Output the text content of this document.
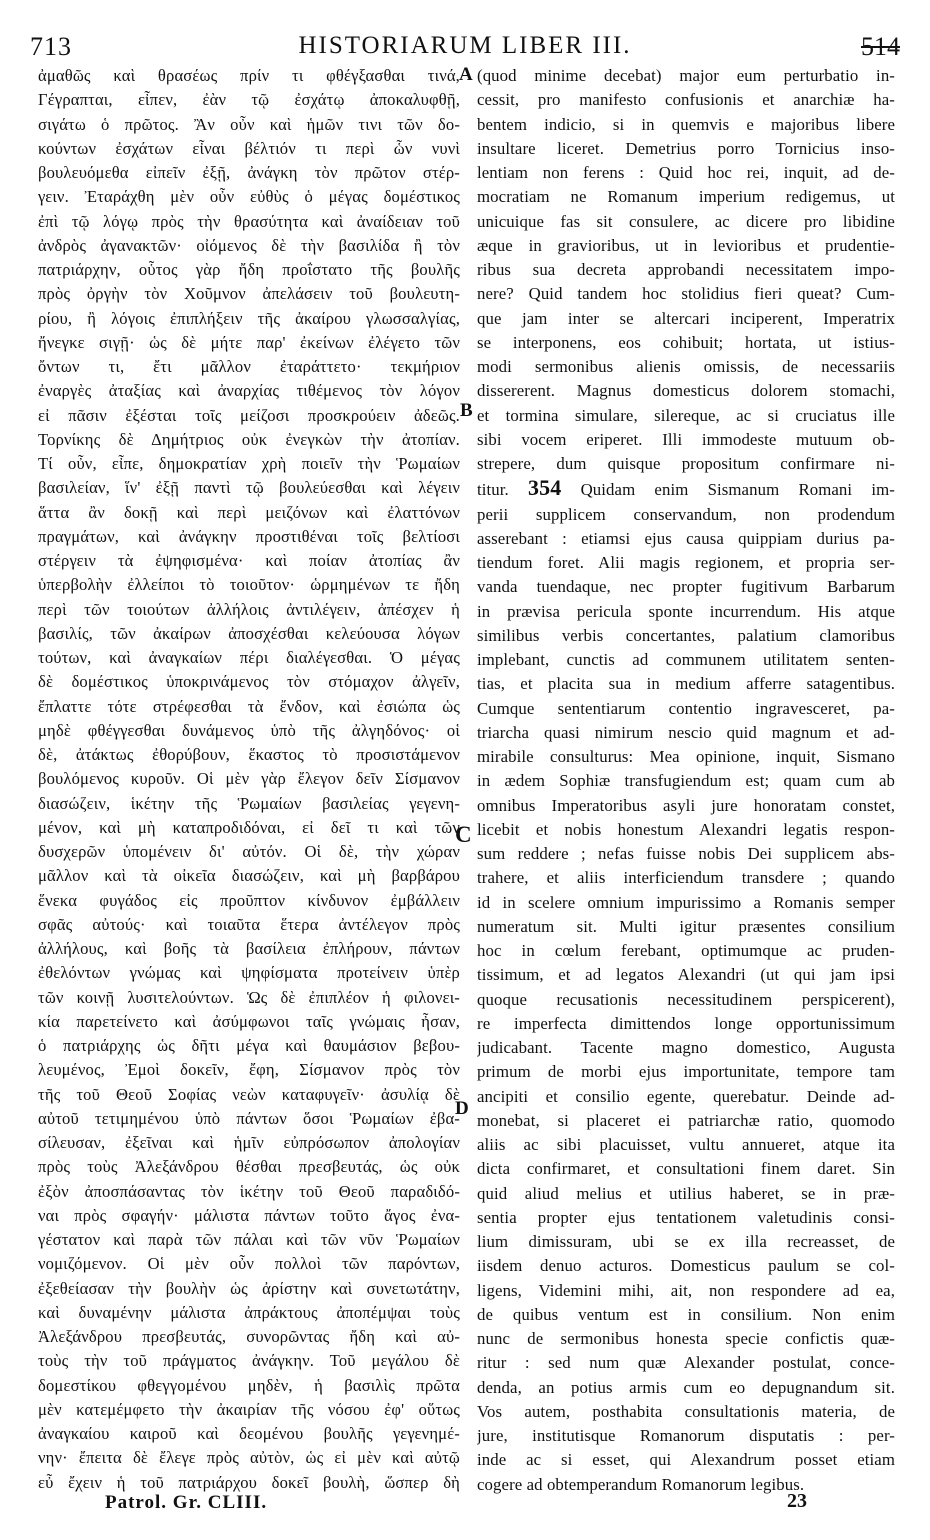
713	HISTORIARUM LIBER III.	514
A
B
C
D
ἀμαθῶς καὶ θρασέως πρίν τι φθέγξασθαι τινά,
Γέγραπται, εἶπεν, ἐὰν τῷ ἐσχάτῳ ἀποκαλυφθῇ,
σιγάτω ὁ πρῶτος. Ἂν οὖν καὶ ἡμῶν τινι τῶν δο-
κούντων ἐσχάτων εἶναι βέλτιόν τι περὶ ὧν νυνὶ
βουλευόμεθα εἰπεῖν ἐξῇ, ἀνάγκη τὸν πρῶτον στέρ-
γειν. Ἐταράχθη μὲν οὖν εὐθὺς ὁ μέγας δομέστικος
ἐπὶ τῷ λόγῳ πρὸς τὴν θρασύτητα καὶ ἀναίδειαν τοῦ
ἀνδρὸς ἀγανακτῶν· οἰόμενος δὲ τὴν βασιλίδα ἢ τὸν
πατριάρχην, οὗτος γὰρ ἤδη προΐστατο τῆς βουλῆς
πρὸς ὀργὴν τὸν Χοῦμνον ἀπελάσειν τοῦ βουλευτη-
ρίου, ἢ λόγοις ἐπιπλήξειν τῆς ἀκαίρου γλωσσαλγίας,
ἤνεγκε σιγῇ· ὡς δὲ μήτε παρ' ἐκείνων ἐλέγετο τῶν
ὄντων τι, ἔτι μᾶλλον ἐταράττετο· τεκμήριον
ἐναργὲς ἀταξίας καὶ ἀναρχίας τιθέμενος τὸν λόγον
εἰ πᾶσιν ἐξέσται τοῖς μείζοσι προσκρούειν ἀδεῶς.
Τορνίκης δὲ Δημήτριος οὐκ ἐνεγκὼν τὴν ἀτοπίαν.
Τί οὖν, εἶπε, δημοκρατίαν χρὴ ποιεῖν τὴν Ῥωμαίων
βασιλείαν, ἵν' ἐξῇ παντὶ τῷ βουλεύεσθαι καὶ λέγειν
ἅττα ἂν δοκῇ καὶ περὶ μειζόνων καὶ ἐλαττόνων
πραγμάτων, καὶ ἀνάγκην προστιθέναι τοῖς βελτίοσι
στέργειν τὰ ἐψηφισμένα· καὶ ποίαν ἀτοπίας ἂν
ὑπερβολὴν ἐλλείποι τὸ τοιοῦτον· ὡρμημένων τε ἤδη
περὶ τῶν τοιούτων ἀλλήλοις ἀντιλέγειν, ἀπέσχεν ἡ
βασιλίς, τῶν ἀκαίρων ἀποσχέσθαι κελεύουσα λόγων
τούτων, καὶ ἀναγκαίων πέρι διαλέγεσθαι. Ὁ μέγας
δὲ δομέστικος ὑποκρινάμενος τὸν στόμαχον ἀλγεῖν,
ἔπλαττε τότε στρέφεσθαι τὰ ἔνδον, καὶ ἐσιώπα ὡς
μηδὲ φθέγγεσθαι δυνάμενος ὑπὸ τῆς ἀλγηδόνος· οἱ
δὲ, ἀτάκτως ἐθορύβουν, ἕκαστος τὸ προσιστάμενον
βουλόμενος κυροῦν. Οἱ μὲν γὰρ ἔλεγον δεῖν Σίσμανον
διασώζειν, ἱκέτην τῆς Ῥωμαίων βασιλείας γεγενη-
μένον, καὶ μὴ καταπροδιδόναι, εἰ δεῖ τι καὶ τῶν
δυσχερῶν ὑπομένειν δι' αὐτόν. Οἱ δὲ, τὴν χώραν
μᾶλλον καὶ τὰ οἰκεῖα διασώζειν, καὶ μὴ βαρβάρου
ἕνεκα φυγάδος εἰς προῦπτον κίνδυνον ἐμβάλλειν
σφᾶς αὐτούς· καὶ τοιαῦτα ἕτερα ἀντέλεγον πρὸς
ἀλλήλους, καὶ βοῆς τὰ βασίλεια ἐπλήρουν, πάντων
ἐθελόντων γνώμας καὶ ψηφίσματα προτείνειν ὑπὲρ
τῶν κοινῇ λυσιτελούντων. Ὡς δὲ ἐπιπλέον ἡ φιλονει-
κία παρετείνετο καὶ ἀσύμφωνοι ταῖς γνώμαις ἦσαν,
ὁ πατριάρχης ὡς δῆτι μέγα καὶ θαυμάσιον βεβου-
λευμένος, Ἐμοὶ δοκεῖν, ἔφη, Σίσμανον πρὸς τὸν
τῆς τοῦ Θεοῦ Σοφίας νεὼν καταφυγεῖν· ἀσυλίᾳ δὲ
αὐτοῦ τετιμημένου ὑπὸ πάντων ὅσοι Ῥωμαίων ἐβα-
σίλευσαν, ἐξεῖναι καὶ ἡμῖν εὐπρόσωπον ἀπολογίαν
πρὸς τοὺς Ἀλεξάνδρου θέσθαι πρεσβευτάς, ὡς οὐκ
ἐξὸν ἀποσπάσαντας τὸν ἱκέτην τοῦ Θεοῦ παραδιδό-
ναι πρὸς σφαγήν· μάλιστα πάντων τοῦτο ἄγος ἐνα-
γέστατον καὶ παρὰ τῶν πάλαι καὶ τῶν νῦν Ῥωμαίων
νομιζόμενον. Οἱ μὲν οὖν πολλοὶ τῶν παρόντων,
ἐξεθείασαν τὴν βουλὴν ὡς ἀρίστην καὶ συνετωτάτην,
καὶ δυναμένην μάλιστα ἀπράκτους ἀποπέμψαι τοὺς
Ἀλεξάνδρου πρεσβευτάς, συνορῶντας ἤδη καὶ αὐ-
τοὺς τὴν τοῦ πράγματος ἀνάγκην. Τοῦ μεγάλου δὲ
δομεστίκου φθεγγομένου μηδὲν, ἡ βασιλὶς πρῶτα
μὲν κατεμέμφετο τὴν ἀκαιρίαν τῆς νόσου ἐφ' οὕτως
ἀναγκαίου καιροῦ καὶ δεομένου βουλῆς γεγενημέ-
νην· ἔπειτα δὲ ἔλεγε πρὸς αὐτὸν, ὡς εἰ μὲν καὶ αὐτῷ
εὖ ἔχειν ἡ τοῦ πατριάρχου δοκεῖ βουλὴ, ὥσπερ δὴ
(quod minime decebat) major eum perturbatio in-
cessit, pro manifesto confusionis et anarchiæ ha-
bentem indicio, si in quemvis e majoribus libere
insultare liceret. Demetrius porro Tornicius inso-
lentiam non ferens : Quid hoc rei, inquit, ad de-
mocratiam ne Romanum imperium redigemus, ut
unicuique fas sit consulere, ac dicere pro libidine
æque in gravioribus, ut in levioribus et prudentie-
ribus sua decreta approbandi necessitatem impo-
nere? Quid tandem hoc stolidius fieri queat? Cum-
que jam inter se altercari inciperent, Imperatrix
se interponens, eos cohibuit; hortata, ut istius-
modi sermonibus alienis omissis, de necessariis
dissererent. Magnus domesticus dolorem stomachi,
et tormina simulare, silereque, ac si cruciatus ille
sibi vocem eriperet. Illi immodeste mutuum ob-
strepere, dum quisque propositum confirmare ni-
titur. 354 Quidam enim Sismanum Romani im-
perii supplicem conservandum, non prodendum
asserebant : etiamsi ejus causa quippiam durius pa-
tiendum foret. Alii magis regionem, et propria ser-
vanda tuendaque, nec propter fugitivum Barbarum
in prævisa pericula sponte incurrendum. His atque
similibus verbis concertantes, palatium clamoribus
implebant, cunctis ad communem utilitatem senten-
tias, et placita sua in medium afferre satagentibus.
Cumque sententiarum contentio ingravesceret, pa-
triarcha quasi nimirum nescio quid magnum et ad-
mirabile consulturus: Mea opinione, inquit, Sismano
in ædem Sophiæ transfugiendum est; quam cum ab
omnibus Imperatoribus asyli jure honoratam constet,
licebit et nobis honestum Alexandri legatis respon-
sum reddere ; nefas fuisse nobis Dei supplicem abs-
trahere, et aliis interficiendum transdere ; quando
id in scelere omnium impurissimo a Romanis semper
numeratum sit. Multi igitur præsentes consilium
hoc in cœlum ferebant, optimumque ac pruden-
tissimum, et ad legatos Alexandri (ut qui jam ipsi
quoque recusationis necessitudinem perspicerent),
re imperfecta dimittendos longe opportunissimum
judicabant. Tacente magno domestico, Augusta
primum de morbi ejus importunitate, tempore tam
ancipiti et consilio egente, querebatur. Deinde ad-
monebat, si placeret ei patriarchæ ratio, quomodo
aliis ac sibi placuisset, vultu annueret, atque ita
dicta confirmaret, et consultationi finem daret. Sin
quid aliud melius et utilius haberet, se in præ-
sentia propter ejus tentationem valetudinis consi-
lium dimissuram, ubi se ex illa recreasset, de
iisdem denuo acturos. Domesticus paulum se col-
ligens, Videmini mihi, ait, non respondere ad ea,
de quibus ventum est in consilium. Non enim
nunc de sermonibus honesta specie confictis quæ-
ritur : sed num quæ Alexander postulat, conce-
denda, an potius armis cum eo depugnandum sit.
Vos autem, posthabita consultationis materia, de
jure, institutisque Romanorum disputatis : per-
inde ac si esset, qui Alexandrum posset etiam
cogere ad obtemperandum Romanorum legibus.
Patrol. Gr. CLIII.	23
